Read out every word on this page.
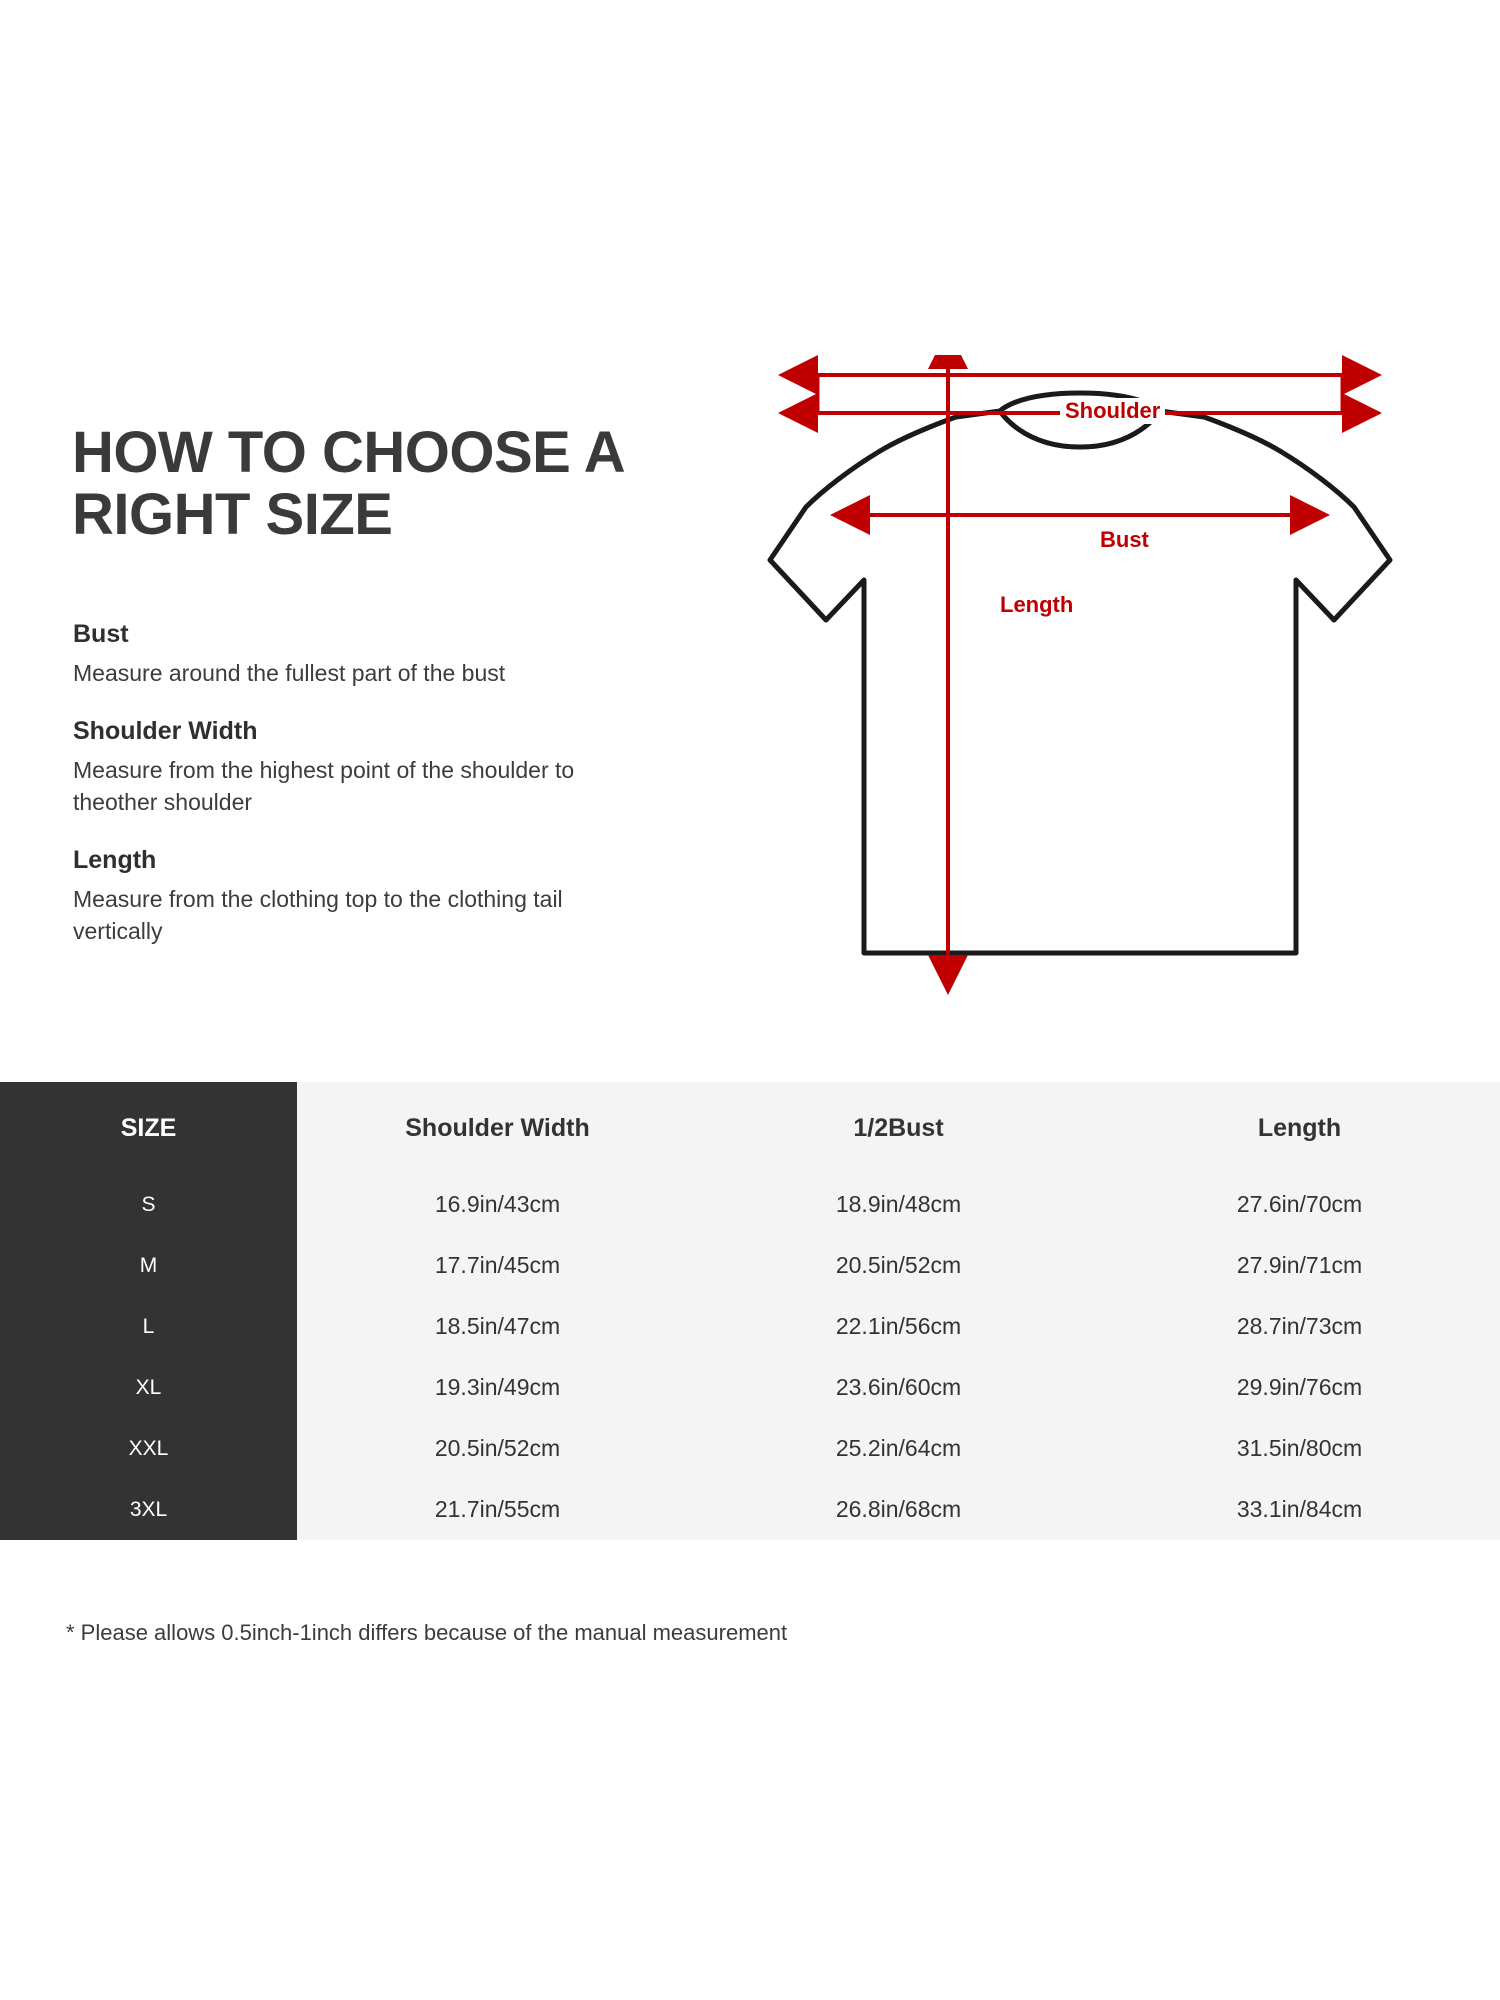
HOW TO CHOOSE A RIGHT SIZE

Bust

Measure around the fullest part of the bust

Shoulder Width

Measure from the highest point of the shoulder to theother shoulder

Length

Measure from the clothing top to the clothing tail vertically

Shoulder
Bust
Length
SIZE	Shoulder Width	1/2Bust	Length
S	16.9in/43cm	18.9in/48cm	27.6in/70cm
M	17.7in/45cm	20.5in/52cm	27.9in/71cm
L	18.5in/47cm	22.1in/56cm	28.7in/73cm
XL	19.3in/49cm	23.6in/60cm	29.9in/76cm
XXL	20.5in/52cm	25.2in/64cm	31.5in/80cm
3XL	21.7in/55cm	26.8in/68cm	33.1in/84cm
* Please allows 0.5inch-1inch differs because of the manual measurement
